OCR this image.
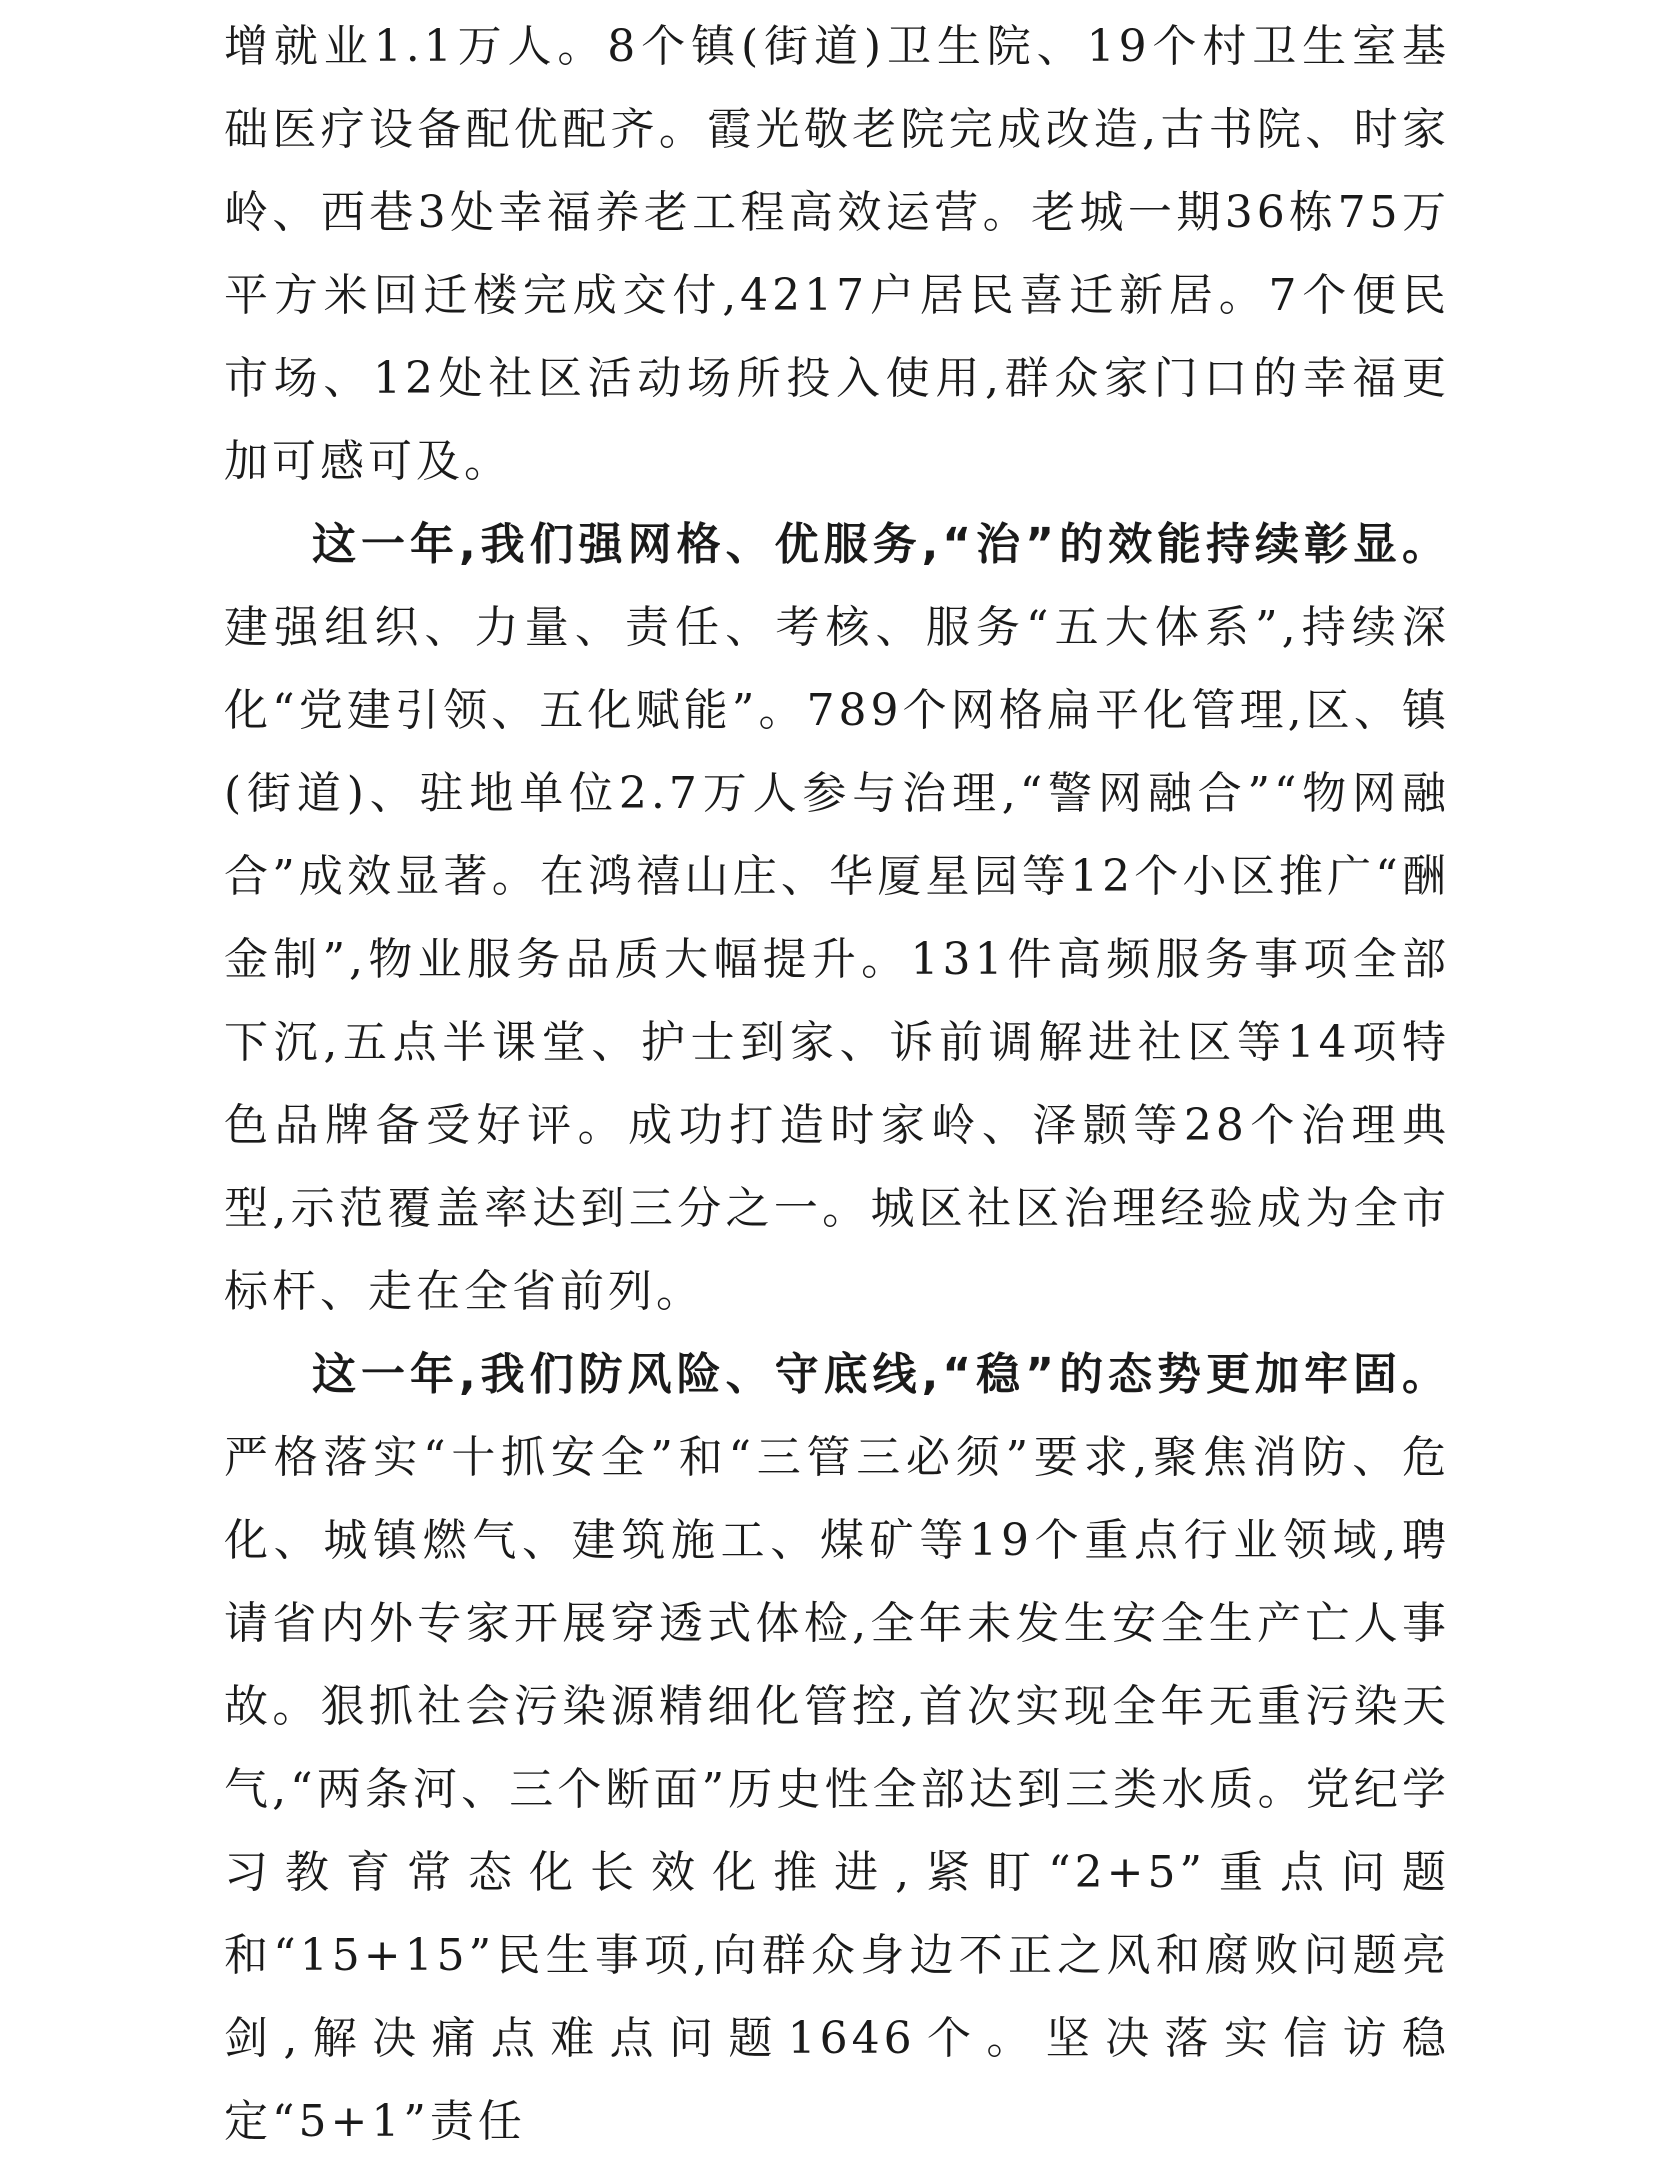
增就业1.1万人。8个镇(街道)卫生院、19个村卫生室基础医疗设备配优配齐。霞光敬老院完成改造,古书院、时家岭、西巷3处幸福养老工程高效运营。老城一期36栋75万平方米回迁楼完成交付,4217户居民喜迁新居。7个便民市场、12处社区活动场所投入使用,群众家门口的幸福更加可感可及。

这一年,我们强网格、优服务,“治”的效能持续彰显。建强组织、力量、责任、考核、服务“五大体系”,持续深化“党建引领、五化赋能”。789个网格扁平化管理,区、镇(街道)、驻地单位2.7万人参与治理,“警网融合”“物网融合”成效显著。在鸿禧山庄、华厦星园等12个小区推广“酬金制”,物业服务品质大幅提升。131件高频服务事项全部下沉,五点半课堂、护士到家、诉前调解进社区等14项特色品牌备受好评。成功打造时家岭、泽颢等28个治理典型,示范覆盖率达到三分之一。城区社区治理经验成为全市标杆、走在全省前列。

这一年,我们防风险、守底线,“稳”的态势更加牢固。严格落实“十抓安全”和“三管三必须”要求,聚焦消防、危化、城镇燃气、建筑施工、煤矿等19个重点行业领域,聘请省内外专家开展穿透式体检,全年未发生安全生产亡人事故。狠抓社会污染源精细化管控,首次实现全年无重污染天气,“两条河、三个断面”历史性全部达到三类水质。党纪学习教育常态化长效化推进,紧盯“2+5”重点问题和“15+15”民生事项,向群众身边不正之风和腐败问题亮剑,解决痛点难点问题1646个。坚决落实信访稳定“5+1”责任
